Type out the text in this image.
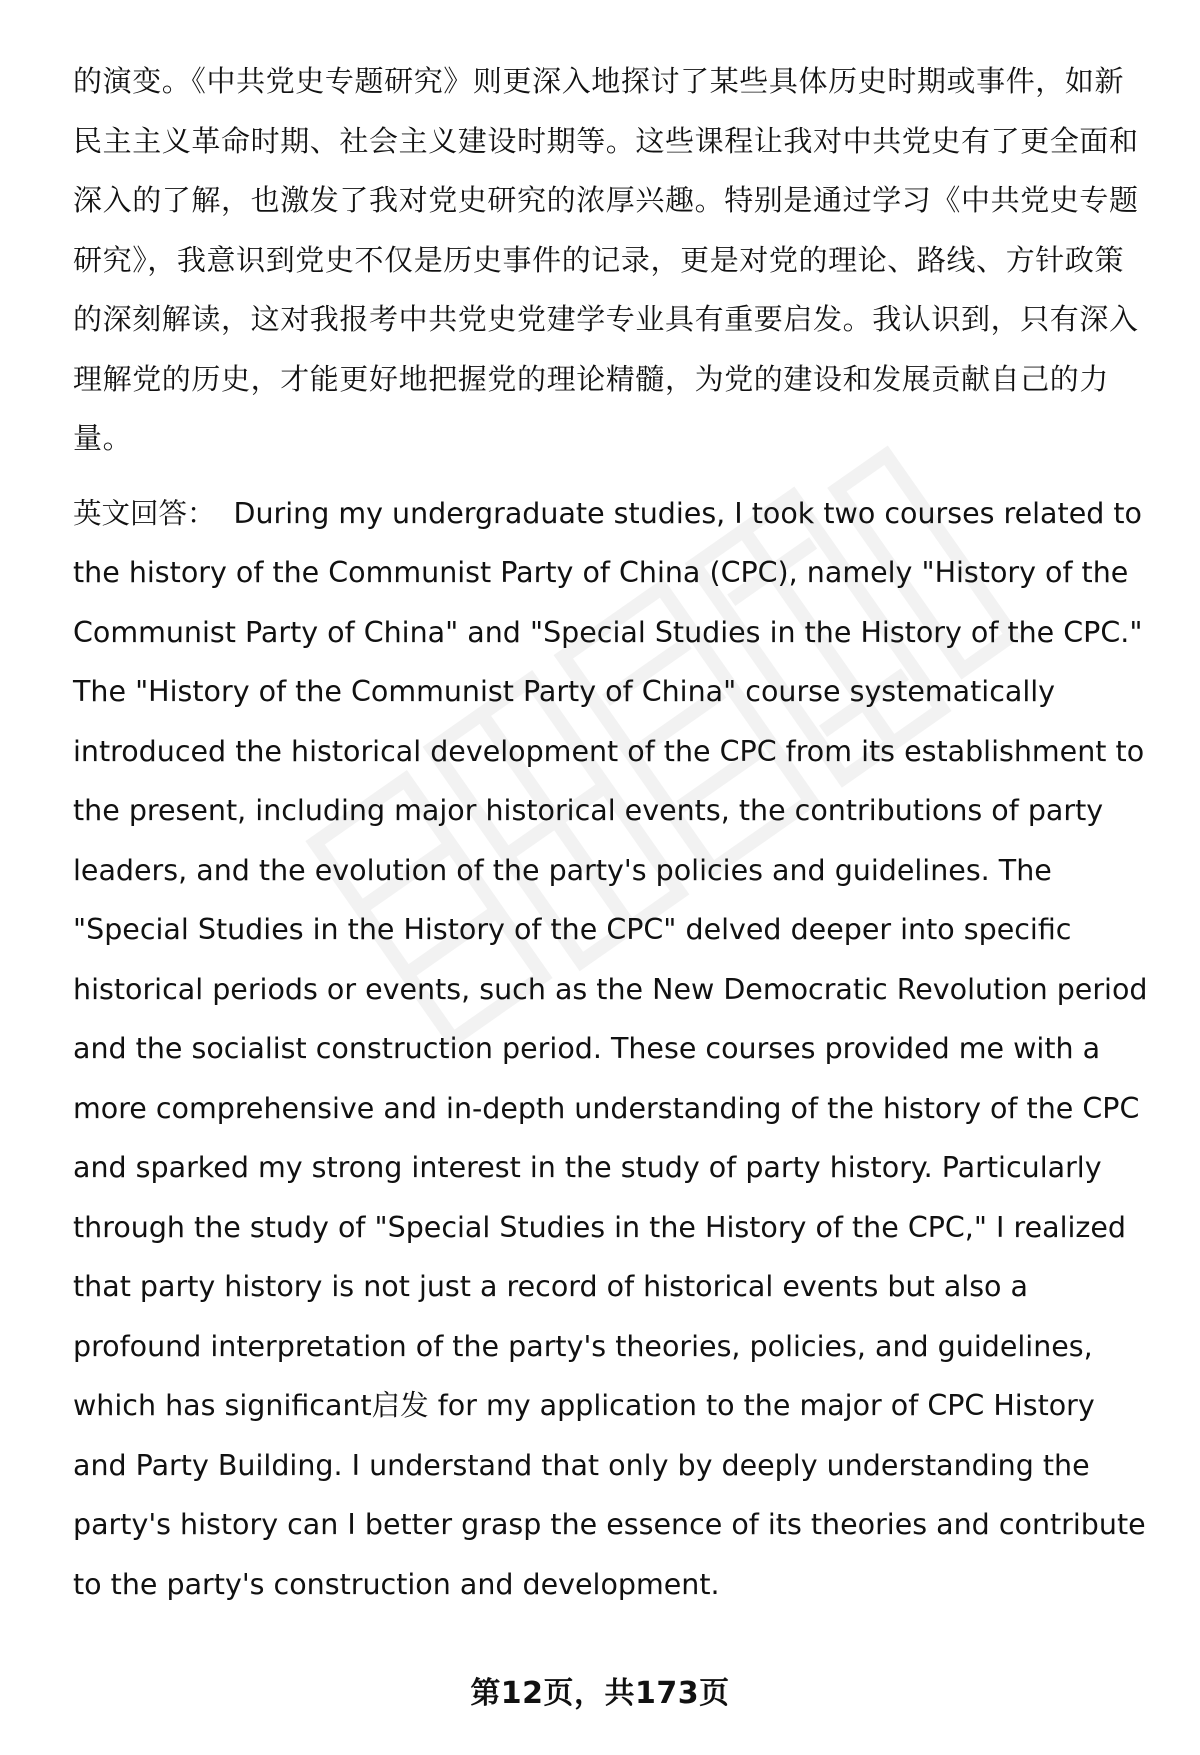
的演变。《中共党史专题研究》则更深入地探讨了某些具体历史时期或事件，如新
民主主义革命时期、社会主义建设时期等。这些课程让我对中共党史有了更全面和
深入的了解，也激发了我对党史研究的浓厚兴趣。特别是通过学习《中共党史专题
研究》，我意识到党史不仅是历史事件的记录，更是对党的理论、路线、方针政策
的深刻解读，这对我报考中共党史党建学专业具有重要启发。我认识到，只有深入
理解党的历史，才能更好地把握党的理论精髓，为党的建设和发展贡献自己的力
量。

英文回答： During my undergraduate studies, I took two courses related to
the history of the Communist Party of China (CPC), namely "History of the
Communist Party of China" and "Special Studies in the History of the CPC."
The "History of the Communist Party of China" course systematically
introduced the historical development of the CPC from its establishment to
the present, including major historical events, the contributions of party
leaders, and the evolution of the party's policies and guidelines. The
"Special Studies in the History of the CPC" delved deeper into specific
historical periods or events, such as the New Democratic Revolution period
and the socialist construction period. These courses provided me with a
more comprehensive and in-depth understanding of the history of the CPC
and sparked my strong interest in the study of party history. Particularly
through the study of "Special Studies in the History of the CPC," I realized
that party history is not just a record of historical events but also a
profound interpretation of the party's theories, policies, and guidelines,
which has significant启发 for my application to the major of CPC History
and Party Building. I understand that only by deeply understanding the
party's history can I better grasp the essence of its theories and contribute
to the party's construction and development.
第12页，共173页
